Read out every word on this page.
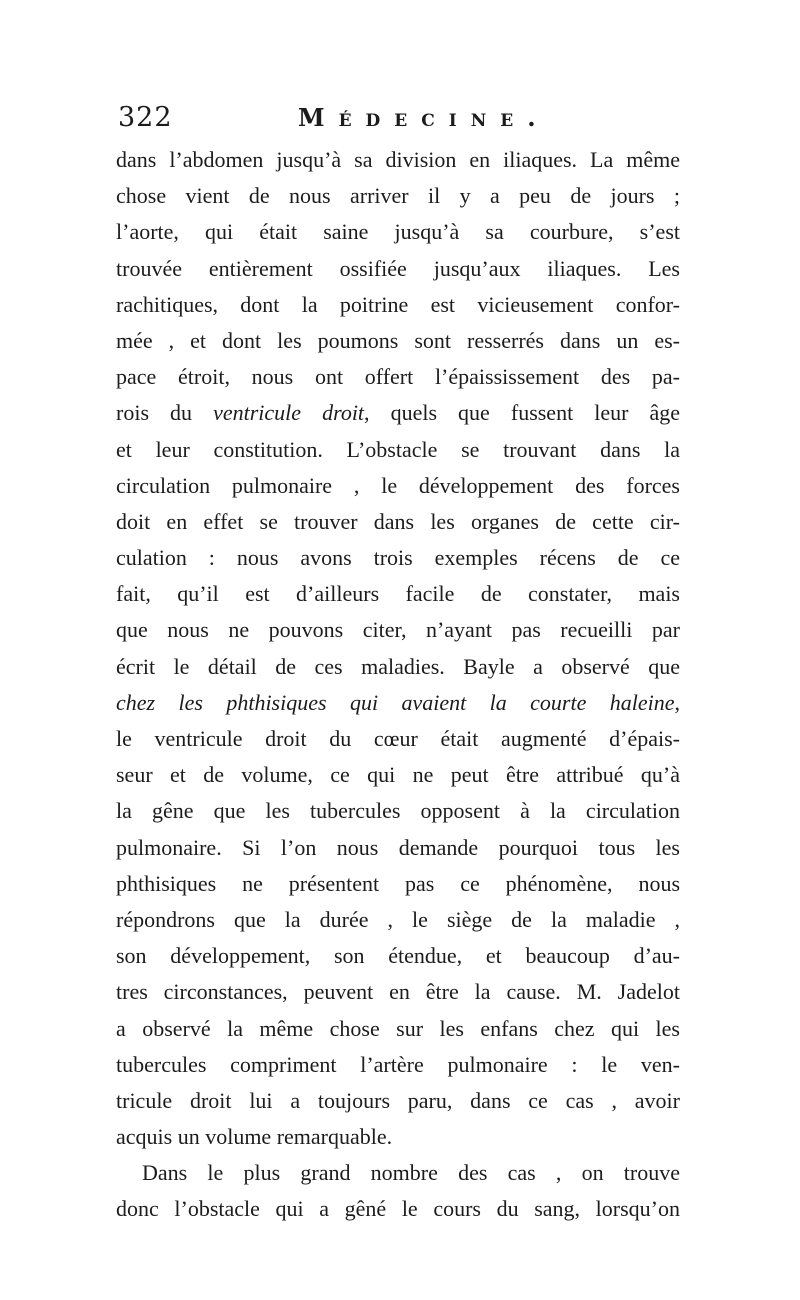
322	Médecine.
dans l’abdomen jusqu’à sa division en iliaques. La même
chose vient de nous arriver il y a peu de jours ;
l’aorte, qui était saine jusqu’à sa courbure, s’est
trouvée entièrement ossifiée jusqu’aux iliaques. Les
rachitiques, dont la poitrine est vicieusement confor-
mée , et dont les poumons sont resserrés dans un es-
pace étroit, nous ont offert l’épaississement des pa-
rois du ventricule droit, quels que fussent leur âge
et leur constitution. L’obstacle se trouvant dans la
circulation pulmonaire , le développement des forces
doit en effet se trouver dans les organes de cette cir-
culation : nous avons trois exemples récens de ce
fait, qu’il est d’ailleurs facile de constater, mais
que nous ne pouvons citer, n’ayant pas recueilli par
écrit le détail de ces maladies. Bayle a observé que
chez les phthisiques qui avaient la courte haleine,
le ventricule droit du cœur était augmenté d’épais-
seur et de volume, ce qui ne peut être attribué qu’à
la gêne que les tubercules opposent à la circulation
pulmonaire. Si l’on nous demande pourquoi tous les
phthisiques ne présentent pas ce phénomène, nous
répondrons que la durée , le siège de la maladie ,
son développement, son étendue, et beaucoup d’au-
tres circonstances, peuvent en être la cause. M. Jadelot
a observé la même chose sur les enfans chez qui les
tubercules compriment l’artère pulmonaire : le ven-
tricule droit lui a toujours paru, dans ce cas , avoir
acquis un volume remarquable.
Dans le plus grand nombre des cas , on trouve
donc l’obstacle qui a gêné le cours du sang, lorsqu’on
